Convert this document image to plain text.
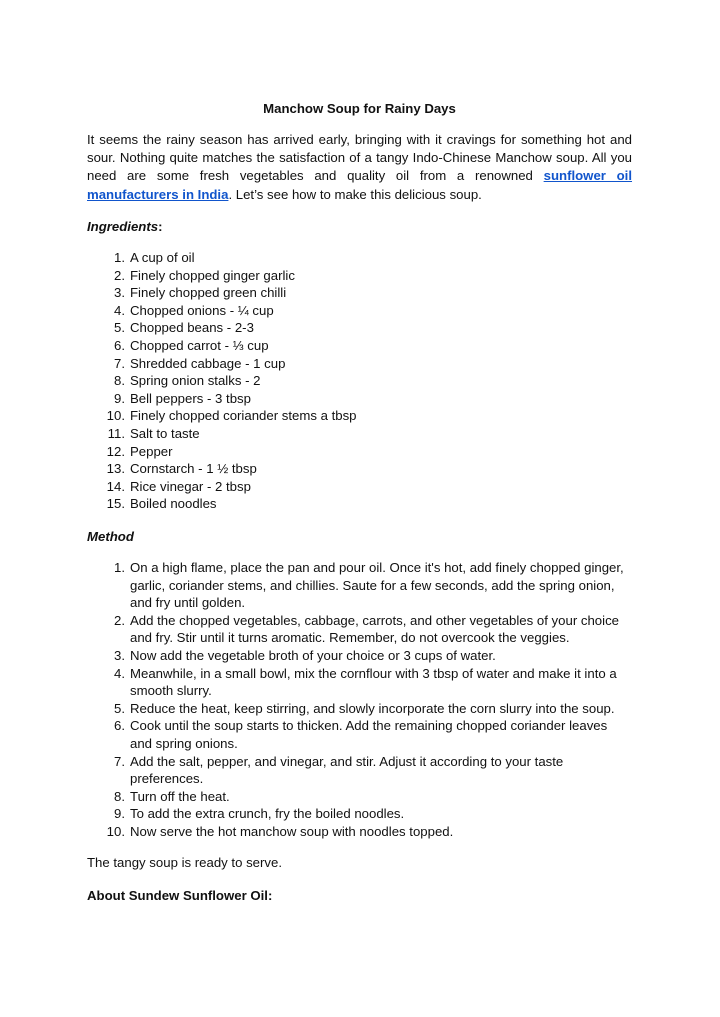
Manchow Soup for Rainy Days

It seems the rainy season has arrived early, bringing with it cravings for something hot and sour. Nothing quite matches the satisfaction of a tangy Indo-Chinese Manchow soup. All you need are some fresh vegetables and quality oil from a renowned sunflower oil manufacturers in India. Let’s see how to make this delicious soup.

Ingredients:
1. A cup of oil
2. Finely chopped ginger garlic
3. Finely chopped green chilli
4. Chopped onions - ¼ cup
5. Chopped beans - 2-3
6. Chopped carrot - ⅓ cup
7. Shredded cabbage - 1 cup
8. Spring onion stalks - 2
9. Bell peppers - 3 tbsp
10. Finely chopped coriander stems a tbsp
11. Salt to taste
12. Pepper
13. Cornstarch - 1 ½ tbsp
14. Rice vinegar - 2 tbsp
15. Boiled noodles
Method
1. On a high flame, place the pan and pour oil. Once it's hot, add finely chopped ginger, garlic, coriander stems, and chillies. Saute for a few seconds, add the spring onion, and fry until golden.
2. Add the chopped vegetables, cabbage, carrots, and other vegetables of your choice and fry. Stir until it turns aromatic. Remember, do not overcook the veggies.
3. Now add the vegetable broth of your choice or 3 cups of water.
4. Meanwhile, in a small bowl, mix the cornflour with 3 tbsp of water and make it into a smooth slurry.
5. Reduce the heat, keep stirring, and slowly incorporate the corn slurry into the soup.
6. Cook until the soup starts to thicken. Add the remaining chopped coriander leaves and spring onions.
7. Add the salt, pepper, and vinegar, and stir. Adjust it according to your taste preferences.
8. Turn off the heat.
9. To add the extra crunch, fry the boiled noodles.
10. Now serve the hot manchow soup with noodles topped.
The tangy soup is ready to serve.
About Sundew Sunflower Oil:
